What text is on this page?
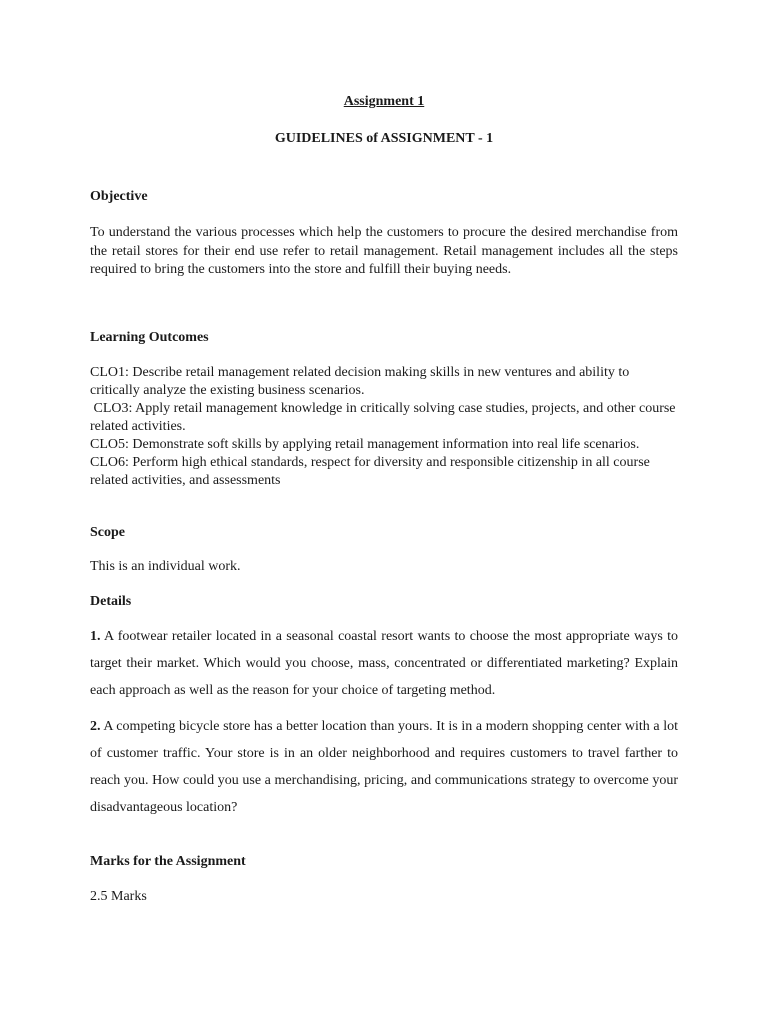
Assignment 1
GUIDELINES of ASSIGNMENT - 1
Objective
To understand the various processes which help the customers to procure the desired merchandise from the retail stores for their end use refer to retail management. Retail management includes all the steps required to bring the customers into the store and fulfill their buying needs.
Learning Outcomes
CLO1: Describe retail management related decision making skills in new ventures and ability to critically analyze the existing business scenarios.
CLO3: Apply retail management knowledge in critically solving case studies, projects, and other course related activities.
CLO5: Demonstrate soft skills by applying retail management information into real life scenarios.
CLO6: Perform high ethical standards, respect for diversity and responsible citizenship in all course related activities, and assessments
Scope
This is an individual work.
Details
1. A footwear retailer located in a seasonal coastal resort wants to choose the most appropriate ways to target their market. Which would you choose, mass, concentrated or differentiated marketing? Explain each approach as well as the reason for your choice of targeting method.
2. A competing bicycle store has a better location than yours. It is in a modern shopping center with a lot of customer traffic. Your store is in an older neighborhood and requires customers to travel farther to reach you. How could you use a merchandising, pricing, and communications strategy to overcome your disadvantageous location?
Marks for the Assignment
2.5 Marks
